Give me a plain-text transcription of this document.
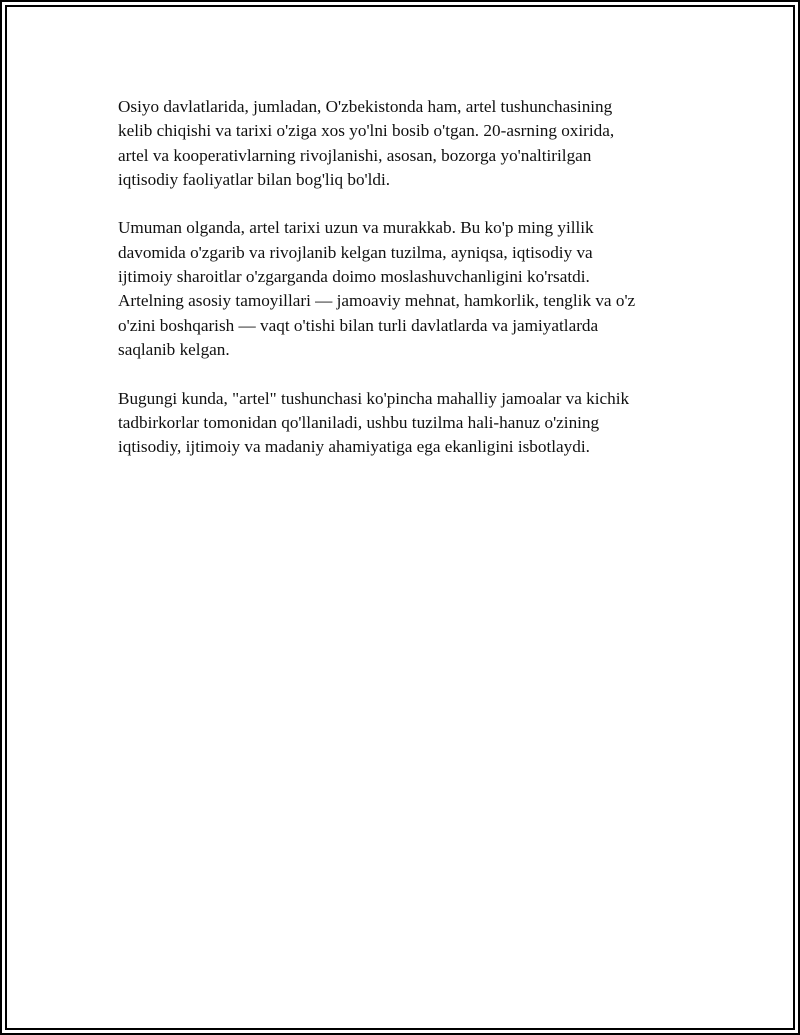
Osiyo davlatlarida, jumladan, O'zbekistonda ham, artel tushunchasining
kelib chiqishi va tarixi o'ziga xos yo'lni bosib o'tgan. 20-asrning oxirida,
artel va kooperativlarning rivojlanishi, asosan, bozorga yo'naltirilgan
iqtisodiy faoliyatlar bilan bog'liq bo'ldi.

Umuman olganda, artel tarixi uzun va murakkab. Bu ko'p ming yillik
davomida o'zgarib va rivojlanib kelgan tuzilma, ayniqsa, iqtisodiy va
ijtimoiy sharoitlar o'zgarganda doimo moslashuvchanligini ko'rsatdi.
Artelning asosiy tamoyillari — jamoaviy mehnat, hamkorlik, tenglik va o'z
o'zini boshqarish — vaqt o'tishi bilan turli davlatlarda va jamiyatlarda
saqlanib kelgan.

Bugungi kunda, "artel" tushunchasi ko'pincha mahalliy jamoalar va kichik
tadbirkorlar tomonidan qo'llaniladi, ushbu tuzilma hali-hanuz o'zining
iqtisodiy, ijtimoiy va madaniy ahamiyatiga ega ekanligini isbotlaydi.
